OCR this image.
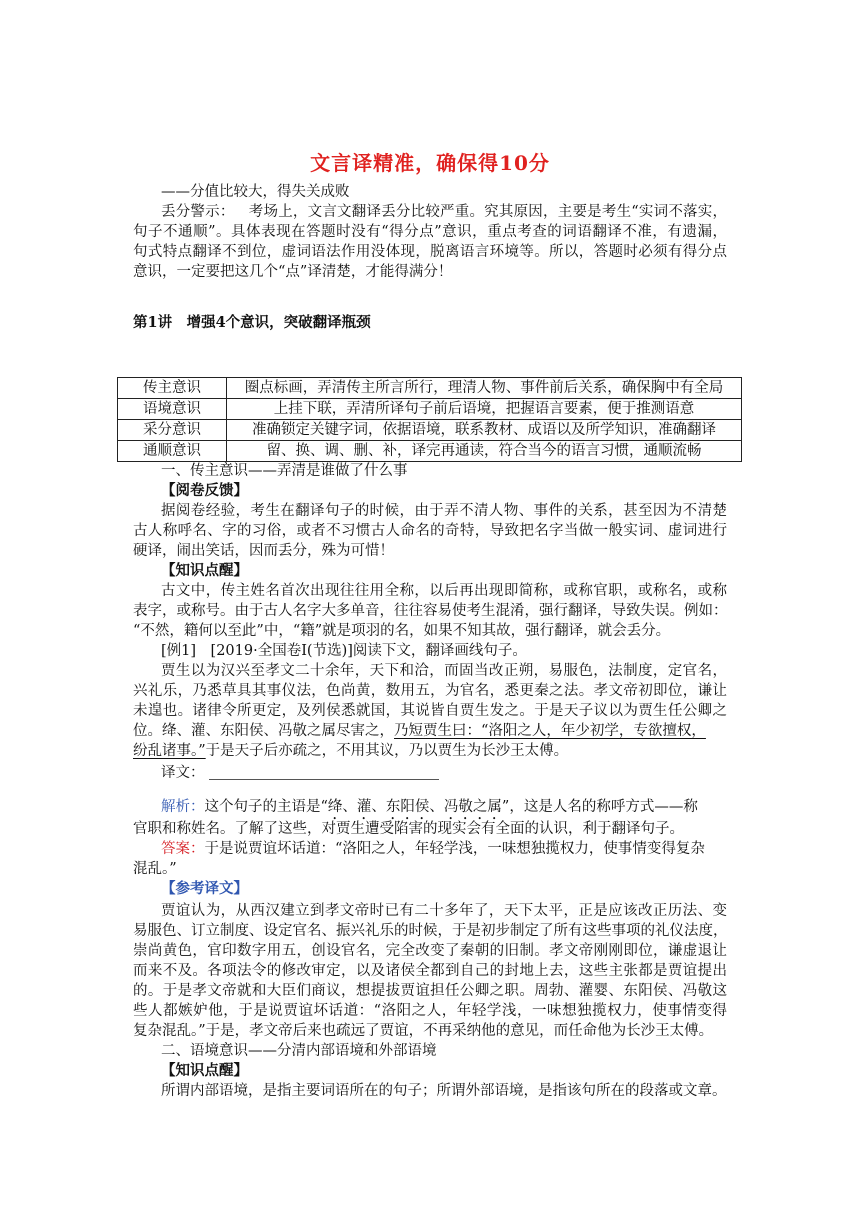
文言译精准，确保得10分
——分值比较大，得失关成败
丢分警示： 考场上，文言文翻译丢分比较严重。究其原因，主要是考生“实词不落实，
句子不通顺”。具体表现在答题时没有“得分点”意识，重点考查的词语翻译不准，有遗漏，
句式特点翻译不到位，虚词语法作用没体现，脱离语言环境等。所以，答题时必须有得分点
意识，一定要把这几个“点”译清楚，才能得满分！
第1讲　增强4个意识，突破翻译瓶颈
传主意识	圈点标画，弄清传主所言所行，理清人物、事件前后关系，确保胸中有全局
语境意识	上挂下联，弄清所译句子前后语境，把握语言要素，便于推测语意
采分意识	准确锁定关键字词，依据语境，联系教材、成语以及所学知识，准确翻译
通顺意识	留、换、调、删、补，译完再通读，符合当今的语言习惯，通顺流畅
一、传主意识——弄清是谁做了什么事
【阅卷反馈】
据阅卷经验，考生在翻译句子的时候，由于弄不清人物、事件的关系，甚至因为不清楚
古人称呼名、字的习俗，或者不习惯古人命名的奇特，导致把名字当做一般实词、虚词进行
硬译，闹出笑话，因而丢分，殊为可惜！
【知识点醒】
古文中，传主姓名首次出现往往用全称，以后再出现即简称，或称官职，或称名，或称
表字，或称号。由于古人名字大多单音，往往容易使考生混淆，强行翻译，导致失误。例如：
“不然，籍何以至此”中，“籍”就是项羽的名，如果不知其故，强行翻译，就会丢分。
[例1]　[2019·全国卷Ⅰ(节选)]阅读下文，翻译画线句子。
贾生以为汉兴至孝文二十余年，天下和洽，而固当改正朔，易服色，法制度，定官名，
兴礼乐，乃悉草具其事仪法，色尚黄，数用五，为官名，悉更秦之法。孝文帝初即位，谦让
未遑也。诸律令所更定，及列侯悉就国，其说皆自贾生发之。于是天子议以为贾生任公卿之
位。绛、灌、东阳侯、冯敬之属尽害之，乃短贾生曰：“洛阳之人，年少初学，专欲擅权，
纷乱诸事。”于是天子后亦疏之，不用其议，乃以贾生为长沙王太傅。
译文：
解析：这个句子的主语是“绛、灌、东阳侯、冯敬之属”，这是人名的称呼方式——称
官职和称姓名。了解了这些，对贾生遭受陷害的现实会有全面的认识，利于翻译句子。
答案：于是说贾谊坏话道：“洛阳之人，年轻学浅，一味想独揽权力，使事情变得复杂
混乱。”
【参考译文】
贾谊认为，从西汉建立到孝文帝时已有二十多年了，天下太平，正是应该改正历法、变
易服色、订立制度、设定官名、振兴礼乐的时候，于是初步制定了所有这些事项的礼仪法度，
崇尚黄色，官印数字用五，创设官名，完全改变了秦朝的旧制。孝文帝刚刚即位，谦虚退让
而来不及。各项法令的修改审定，以及诸侯全都到自己的封地上去，这些主张都是贾谊提出
的。于是孝文帝就和大臣们商议，想提拔贾谊担任公卿之职。周勃、灌婴、东阳侯、冯敬这
些人都嫉妒他，于是说贾谊坏话道：“洛阳之人，年轻学浅，一味想独揽权力，使事情变得
复杂混乱。”于是，孝文帝后来也疏远了贾谊，不再采纳他的意见，而任命他为长沙王太傅。
二、语境意识——分清内部语境和外部语境
【知识点醒】
所谓内部语境，是指主要词语所在的句子；所谓外部语境，是指该句所在的段落或文章。
